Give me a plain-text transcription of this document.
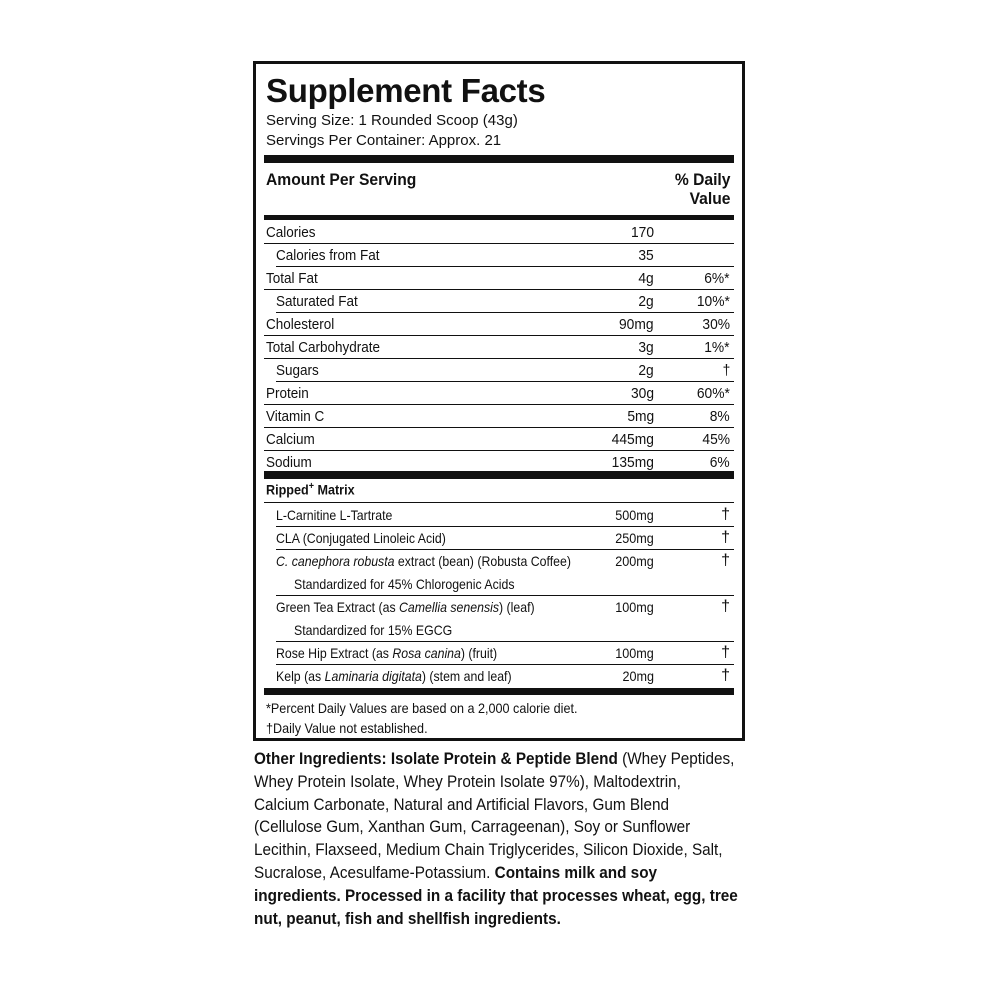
Supplement Facts
Serving Size: 1 Rounded Scoop (43g)
Servings Per Container: Approx. 21
Amount Per Serving	% Daily
Value
Calories	170
Calories from Fat	35
Total Fat	4g	6%*
Saturated Fat	2g	10%*
Cholesterol	90mg	30%
Total Carbohydrate	3g	1%*
Sugars	2g	†
Protein	30g	60%*
Vitamin C	5mg	8%
Calcium	445mg	45%
Sodium	135mg	6%
Ripped+ Matrix
L-Carnitine L-Tartrate	500mg	†
CLA (Conjugated Linoleic Acid)	250mg	†
C. canephora robusta extract (bean) (Robusta Coffee)	200mg	†
Standardized for 45% Chlorogenic Acids
Green Tea Extract (as Camellia senensis) (leaf)	100mg	†
Standardized for 15% EGCG
Rose Hip Extract (as Rosa canina) (fruit)	100mg	†
Kelp (as Laminaria digitata) (stem and leaf)	20mg	†
*Percent Daily Values are based on a 2,000 calorie diet.
†Daily Value not established.
Other Ingredients: Isolate Protein & Peptide Blend (Whey Peptides, Whey Protein Isolate, Whey Protein Isolate 97%), Maltodextrin, Calcium Carbonate, Natural and Artificial Flavors, Gum Blend (Cellulose Gum, Xanthan Gum, Carrageenan), Soy or Sunflower Lecithin, Flaxseed, Medium Chain Triglycerides, Silicon Dioxide, Salt, Sucralose, Acesulfame-Potassium. Contains milk and soy ingredients. Processed in a facility that processes wheat, egg, tree nut, peanut, fish and shellfish ingredients.
